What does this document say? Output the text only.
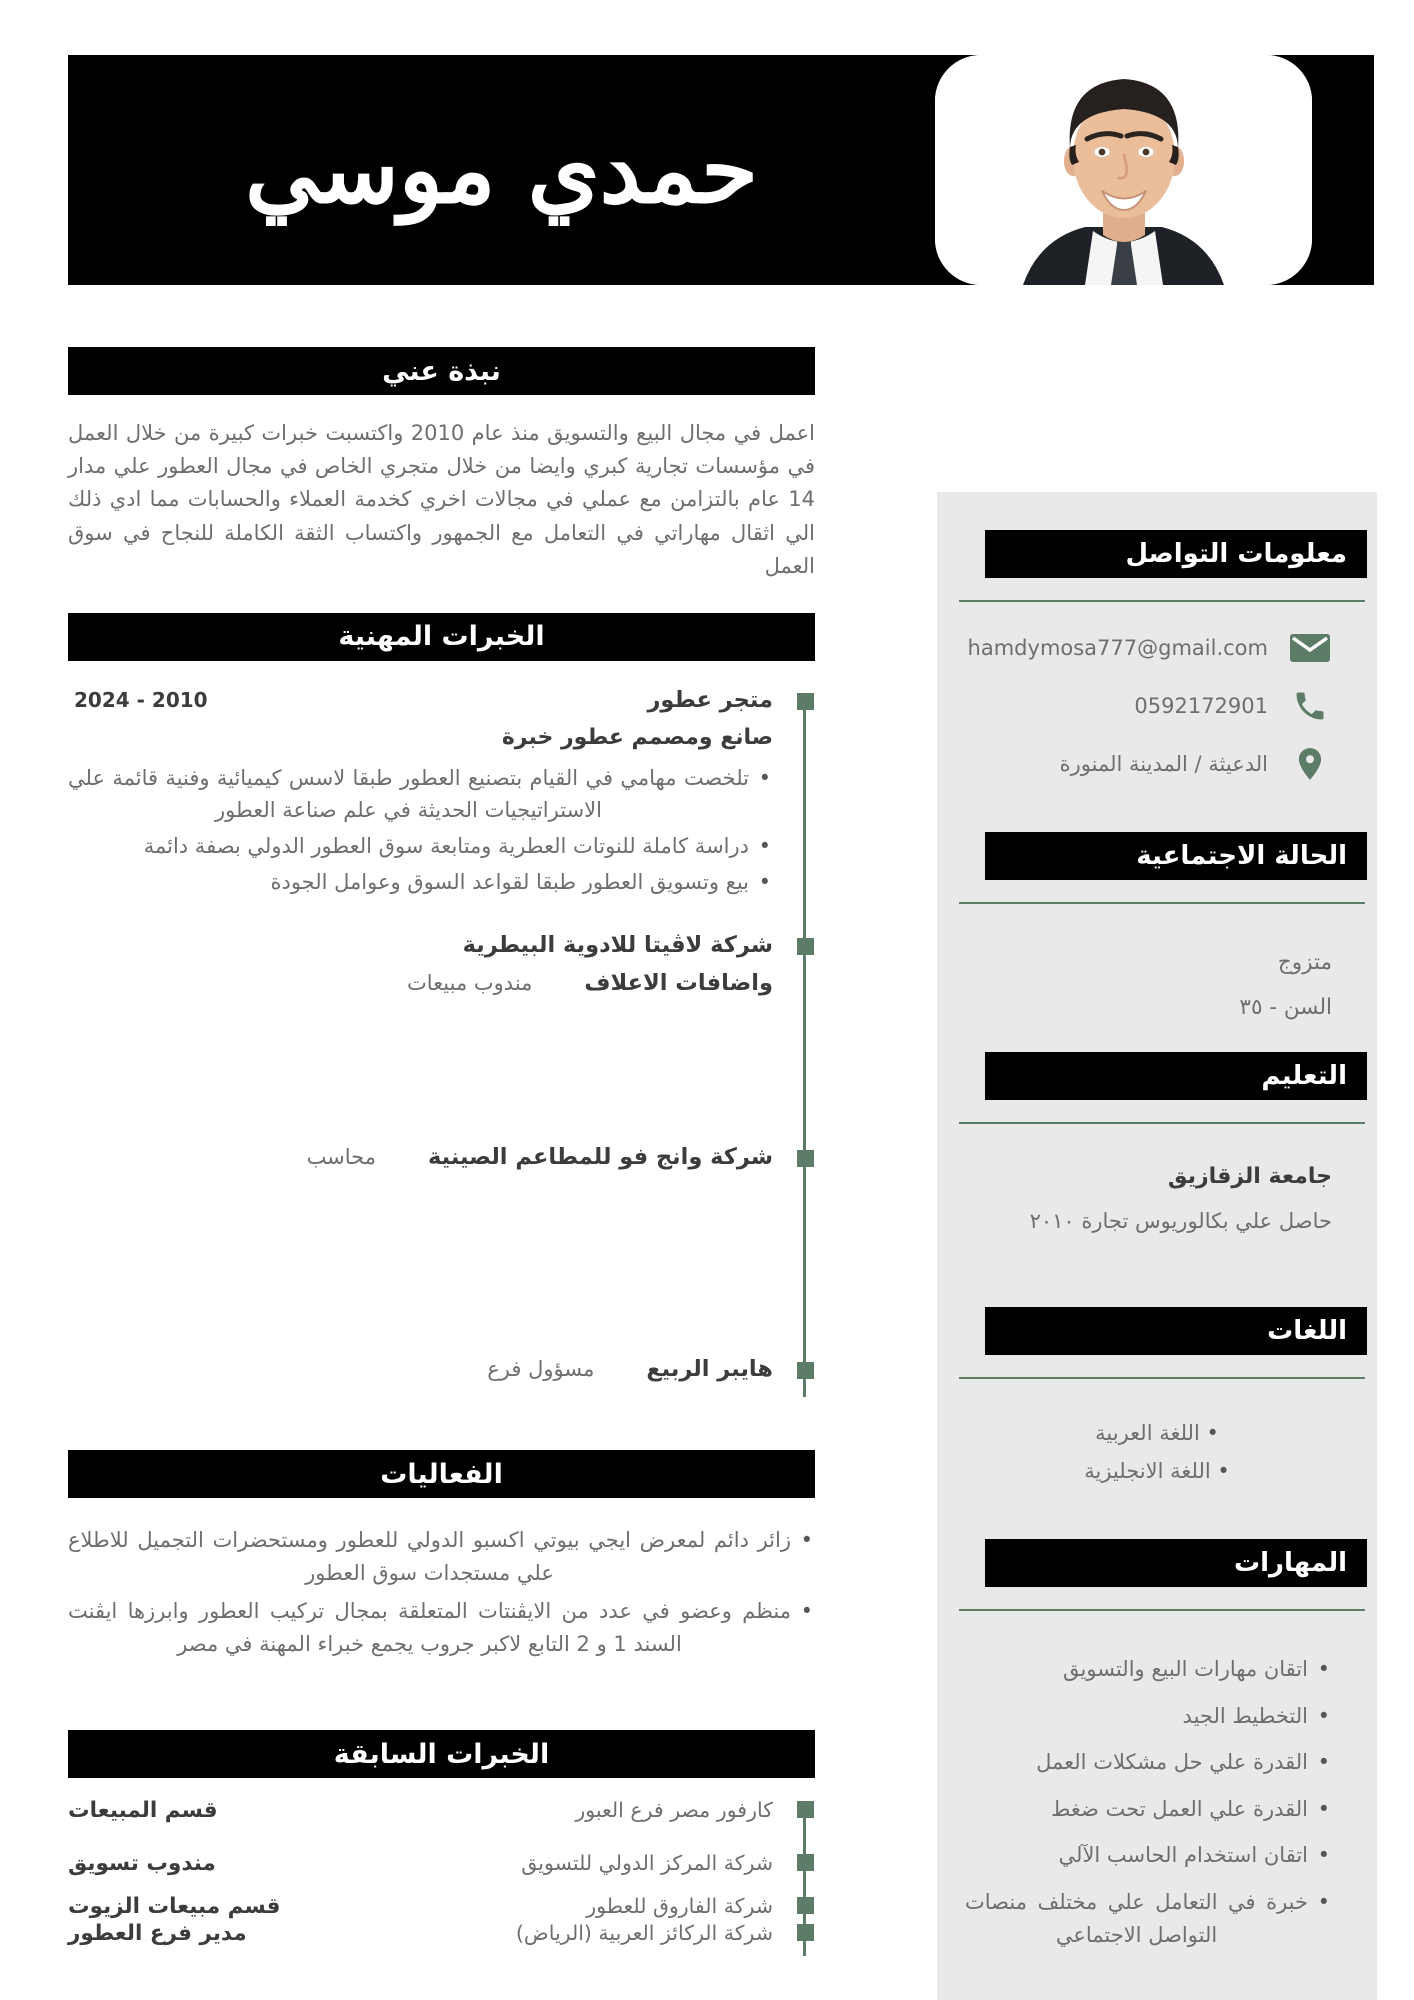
حمدي موسي
نبذة عني

اعمل في مجال البيع والتسويق منذ عام 2010 واكتسبت خبرات كبيرة من خلال العمل في مؤسسات تجارية كبري وايضا من خلال متجري الخاص في مجال العطور علي مدار 14 عام بالتزامن مع عملي في مجالات اخري كخدمة العملاء والحسابات مما ادي ذلك الي اثقال مهاراتي في التعامل مع الجمهور واكتساب الثقة الكاملة للنجاح في سوق العمل

الخبرات المهنية
متجر عطور
2010 - 2024
صانع ومصمم عطور خبرة
• تلخصت مهامي في القيام بتصنيع العطور طبقا لاسس كيميائية وفنية قائمة علي الاستراتيجيات الحديثة في علم صناعة العطور
• دراسة كاملة للنوتات العطرية ومتابعة سوق العطور الدولي بصفة دائمة
• بيع وتسويق العطور طبقا لقواعد السوق وعوامل الجودة
شركة لاڤيتا للادوية البيطرية
واضافات الاعلاف
مندوب مبيعات
شركة وانج فو للمطاعم الصينية
محاسب
هايبر الربيع
مسؤول فرع
الفعاليات
• زائر دائم لمعرض ايجي بيوتي اكسبو الدولي للعطور ومستحضرات التجميل للاطلاع علي مستجدات سوق العطور
• منظم وعضو في عدد من الايڤنتات المتعلقة بمجال تركيب العطور وابرزها ايڤنت السند 1 و 2 التابع لاكبر جروب يجمع خبراء المهنة في مصر
الخبرات السابقة
كارفور مصر فرع العبور
قسم المبيعات
شركة المركز الدولي للتسويق
مندوب تسويق
شركة الفاروق للعطور
قسم مبيعات الزيوت
شركة الركائز العربية (الرياض)
مدير فرع العطور
معلومات التواصل
hamdymosa777@gmail.com
0592172901
الدعيثة / المدينة المنورة
الحالة الاجتماعية
متزوج
السن - ٣٥
التعليم
جامعة الزقازيق
حاصل علي بكالوريوس تجارة ٢٠١٠
اللغات
• اللغة العربية
• اللغة الانجليزية
المهارات
• اتقان مهارات البيع والتسويق
• التخطيط الجيد
• القدرة علي حل مشكلات العمل
• القدرة علي العمل تحت ضغط
• اتقان استخدام الحاسب الآلي
• خبرة في التعامل علي مختلف منصات التواصل الاجتماعي
